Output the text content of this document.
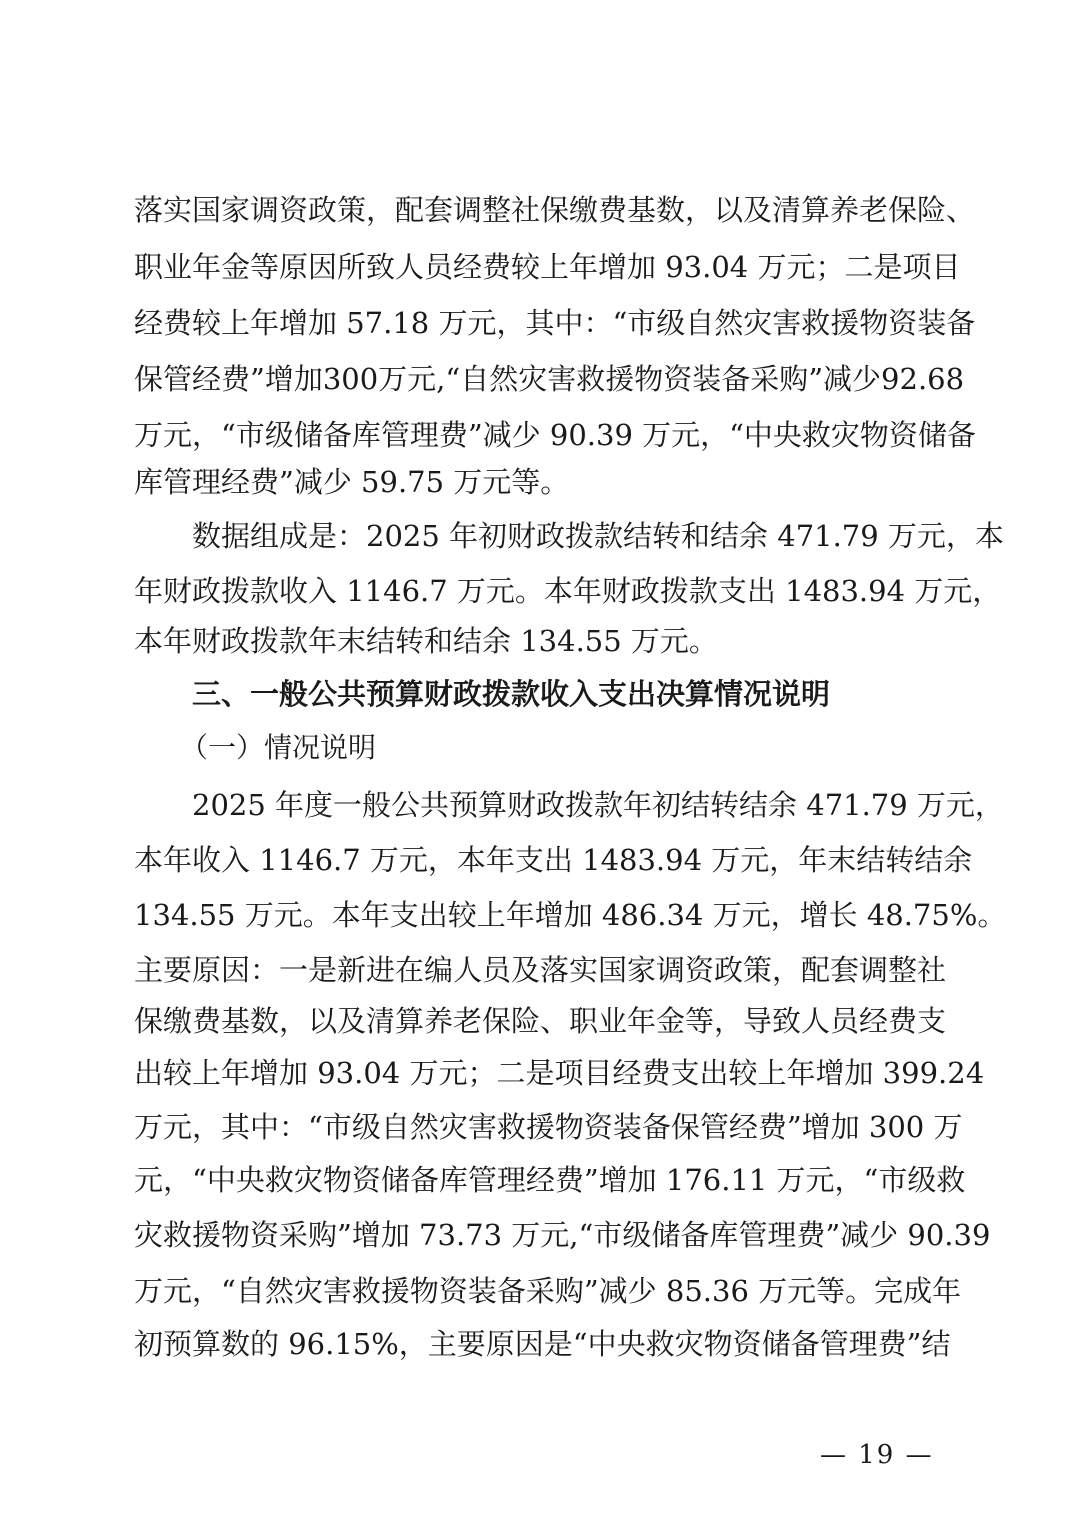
落实国家调资政策，配套调整社保缴费基数，以及清算养老保险、
职业年金等原因所致人员经费较上年增加 93.04 万元；二是项目
经费较上年增加 57.18 万元，其中：“市级自然灾害救援物资装备
保管经费”增加300万元,“自然灾害救援物资装备采购”减少92.68
万元，“市级储备库管理费”减少 90.39 万元，“中央救灾物资储备
库管理经费”减少 59.75 万元等。
数据组成是：2025 年初财政拨款结转和结余 471.79 万元，本
年财政拨款收入 1146.7 万元。本年财政拨款支出 1483.94 万元，
本年财政拨款年末结转和结余 134.55 万元。
三、一般公共预算财政拨款收入支出决算情况说明
（一）情况说明
2025 年度一般公共预算财政拨款年初结转结余 471.79 万元，
本年收入 1146.7 万元，本年支出 1483.94 万元，年末结转结余
134.55 万元。本年支出较上年增加 486.34 万元，增长 48.75%。
主要原因：一是新进在编人员及落实国家调资政策，配套调整社
保缴费基数，以及清算养老保险、职业年金等，导致人员经费支
出较上年增加 93.04 万元；二是项目经费支出较上年增加 399.24
万元，其中：“市级自然灾害救援物资装备保管经费”增加 300 万
元，“中央救灾物资储备库管理经费”增加 176.11 万元，“市级救
灾救援物资采购”增加 73.73 万元,“市级储备库管理费”减少 90.39
万元，“自然灾害救援物资装备采购”减少 85.36 万元等。完成年
初预算数的 96.15%，主要原因是“中央救灾物资储备管理费”结
— 19 —
